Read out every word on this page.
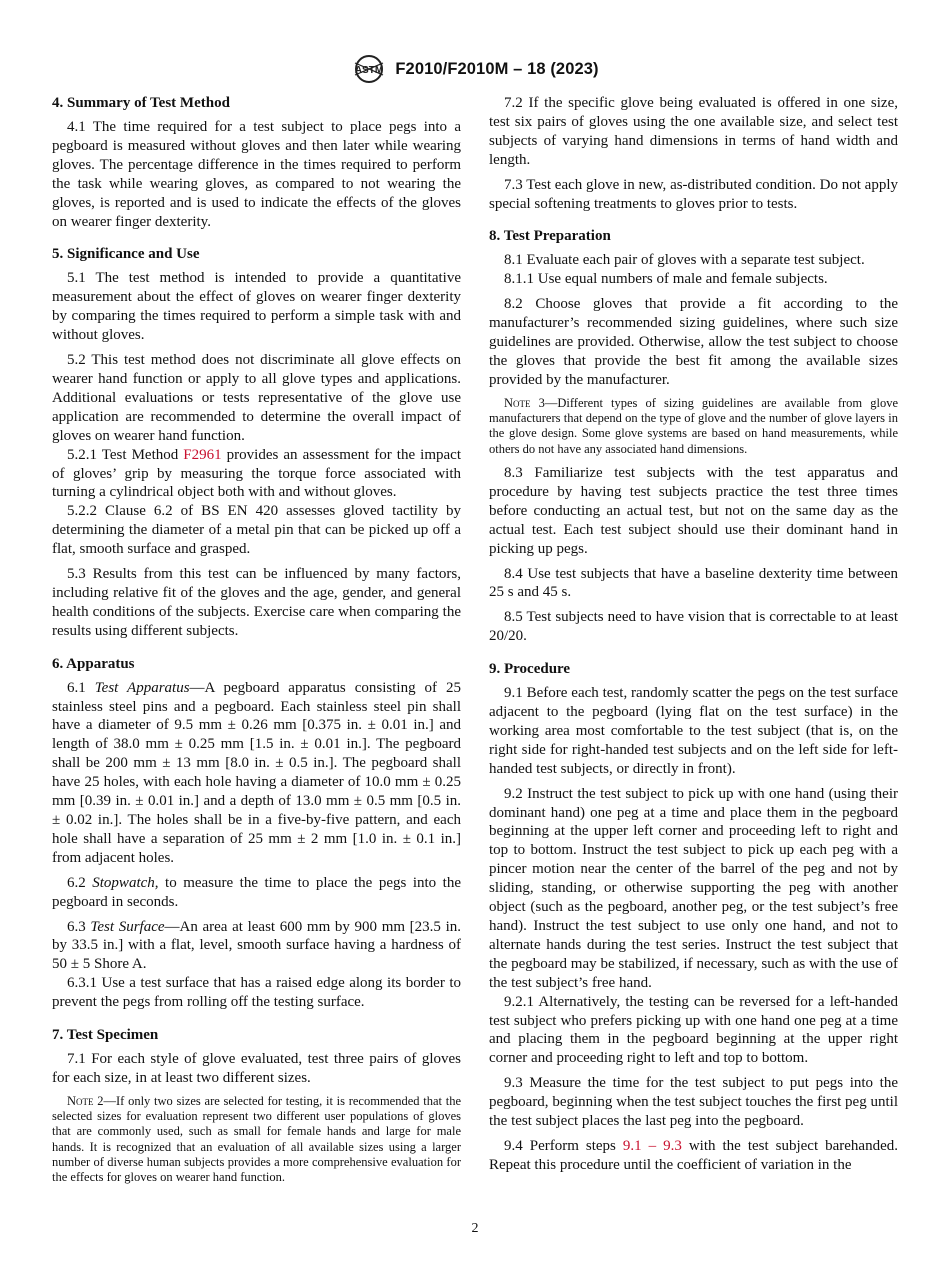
ASTM F2010/F2010M – 18 (2023)
4. Summary of Test Method

4.1 The time required for a test subject to place pegs into a pegboard is measured without gloves and then later while wearing gloves. The percentage difference in the times required to perform the task while wearing gloves, as compared to not wearing the gloves, is reported and is used to indicate the effects of the gloves on wearer finger dexterity.

5. Significance and Use

5.1 The test method is intended to provide a quantitative measurement about the effect of gloves on wearer finger dexterity by comparing the times required to perform a simple task with and without gloves.

5.2 This test method does not discriminate all glove effects on wearer hand function or apply to all glove types and applications. Additional evaluations or tests representative of the glove use application are recommended to determine the overall impact of gloves on wearer hand function.

5.2.1 Test Method F2961 provides an assessment for the impact of gloves’ grip by measuring the torque force associated with turning a cylindrical object both with and without gloves.

5.2.2 Clause 6.2 of BS EN 420 assesses gloved tactility by determining the diameter of a metal pin that can be picked up off a flat, smooth surface and grasped.

5.3 Results from this test can be influenced by many factors, including relative fit of the gloves and the age, gender, and general health conditions of the subjects. Exercise care when comparing the results using different subjects.

6. Apparatus

6.1 Test Apparatus—A pegboard apparatus consisting of 25 stainless steel pins and a pegboard. Each stainless steel pin shall have a diameter of 9.5 mm ± 0.26 mm [0.375 in. ± 0.01 in.] and length of 38.0 mm ± 0.25 mm [1.5 in. ± 0.01 in.]. The pegboard shall be 200 mm ± 13 mm [8.0 in. ± 0.5 in.]. The pegboard shall have 25 holes, with each hole having a diameter of 10.0 mm ± 0.25 mm [0.39 in. ± 0.01 in.] and a depth of 13.0 mm ± 0.5 mm [0.5 in. ± 0.02 in.]. The holes shall be in a five-by-five pattern, and each hole shall have a separation of 25 mm ± 2 mm [1.0 in. ± 0.1 in.] from adjacent holes.

6.2 Stopwatch, to measure the time to place the pegs into the pegboard in seconds.

6.3 Test Surface—An area at least 600 mm by 900 mm [23.5 in. by 33.5 in.] with a flat, level, smooth surface having a hardness of 50 ± 5 Shore A.

6.3.1 Use a test surface that has a raised edge along its border to prevent the pegs from rolling off the testing surface.

7. Test Specimen

7.1 For each style of glove evaluated, test three pairs of gloves for each size, in at least two different sizes.

Note 2—If only two sizes are selected for testing, it is recommended that the selected sizes for evaluation represent two different user populations of gloves that are commonly used, such as small for female hands and large for male hands. It is recognized that an evaluation of all available sizes using a larger number of diverse human subjects provides a more comprehensive evaluation for the effects for gloves on wearer hand function.

7.2 If the specific glove being evaluated is offered in one size, test six pairs of gloves using the one available size, and select test subjects of varying hand dimensions in terms of hand width and length.

7.3 Test each glove in new, as-distributed condition. Do not apply special softening treatments to gloves prior to tests.

8. Test Preparation

8.1 Evaluate each pair of gloves with a separate test subject.

8.1.1 Use equal numbers of male and female subjects.

8.2 Choose gloves that provide a fit according to the manufacturer’s recommended sizing guidelines, where such size guidelines are provided. Otherwise, allow the test subject to choose the gloves that provide the best fit among the available sizes provided by the manufacturer.

Note 3—Different types of sizing guidelines are available from glove manufacturers that depend on the type of glove and the number of glove layers in the glove design. Some glove systems are based on hand measurements, while others do not have any associated hand dimensions.

8.3 Familiarize test subjects with the test apparatus and procedure by having test subjects practice the test three times before conducting an actual test, but not on the same day as the actual test. Each test subject should use their dominant hand in picking up pegs.

8.4 Use test subjects that have a baseline dexterity time between 25 s and 45 s.

8.5 Test subjects need to have vision that is correctable to at least 20/20.

9. Procedure

9.1 Before each test, randomly scatter the pegs on the test surface adjacent to the pegboard (lying flat on the test surface) in the working area most comfortable to the test subject (that is, on the right side for right-handed test subjects and on the left side for left-handed test subjects, or directly in front).

9.2 Instruct the test subject to pick up with one hand (using their dominant hand) one peg at a time and place them in the pegboard beginning at the upper left corner and proceeding left to right and top to bottom. Instruct the test subject to pick up each peg with a pincer motion near the center of the barrel of the peg and not by sliding, standing, or otherwise supporting the peg with another object (such as the pegboard, another peg, or the test subject’s free hand). Instruct the test subject to use only one hand, and not to alternate hands during the test series. Instruct the test subject that the pegboard may be stabilized, if necessary, such as with the use of the test subject’s free hand.

9.2.1 Alternatively, the testing can be reversed for a left-handed test subject who prefers picking up with one hand one peg at a time and placing them in the pegboard beginning at the upper right corner and proceeding right to left and top to bottom.

9.3 Measure the time for the test subject to put pegs into the pegboard, beginning when the test subject touches the first peg until the test subject places the last peg into the pegboard.

9.4 Perform steps 9.1 – 9.3 with the test subject barehanded. Repeat this procedure until the coefficient of variation in the

2
